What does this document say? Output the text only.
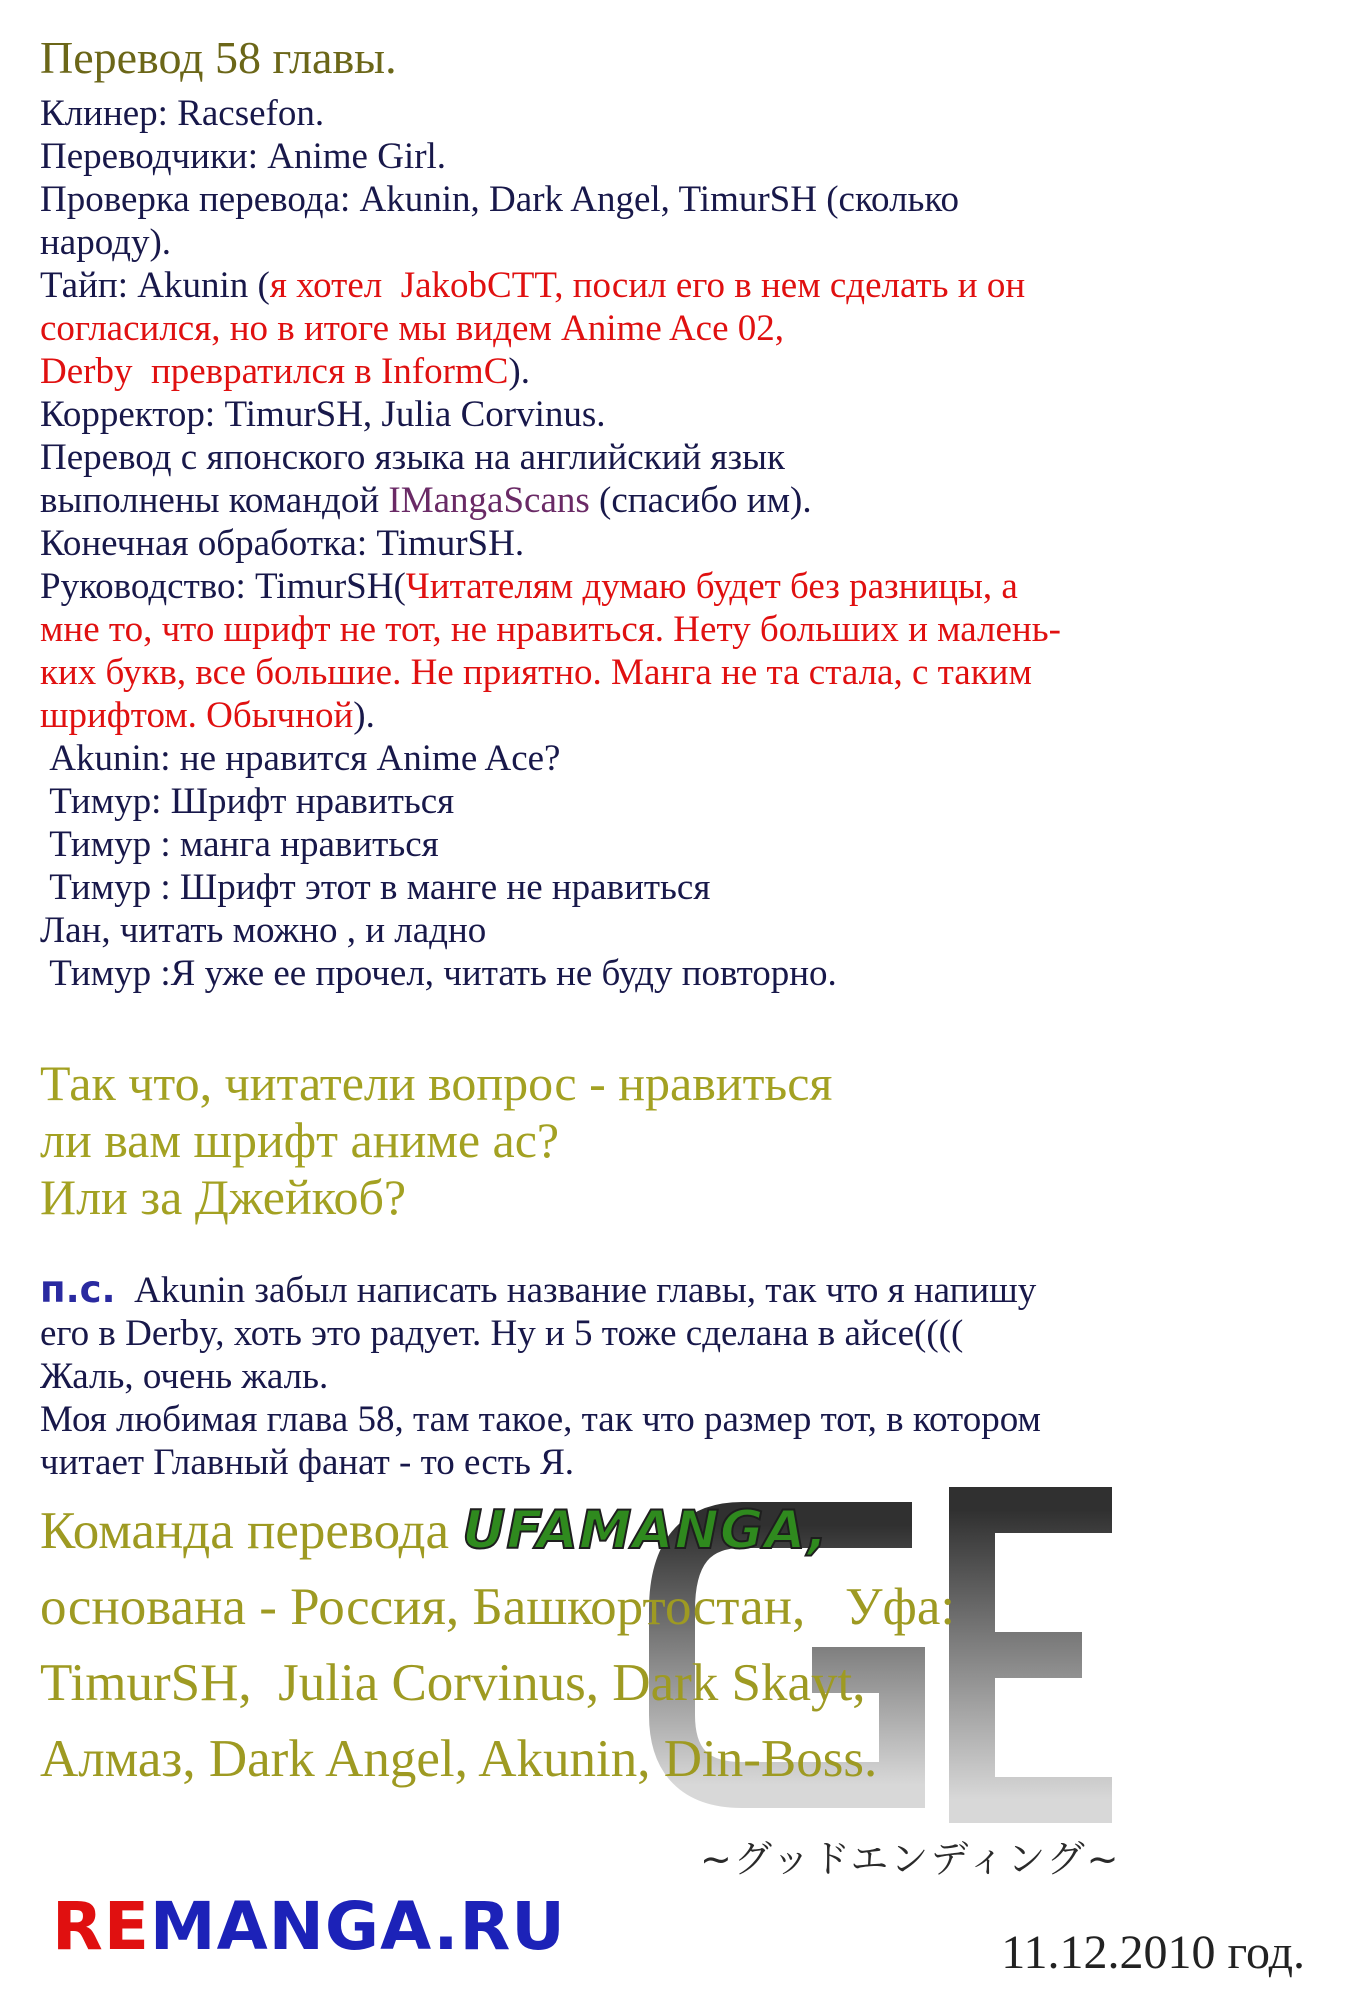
Перевод 58 главы.
Клинер: Racsefon.
Переводчики: Anime Girl.
Проверка перевода: Akunin, Dark Angel, TimurSH (сколько
народу).
Тайп: Akunin (я хотел  JakobCTT, посил его в нем сделать и он
согласился, но в итоге мы видем Anime Ace 02,
Derby  превратился в InformC).
Корректор: TimurSH, Julia Corvinus.
Перевод с японского языка на английский язык
выполнены командой IMangaScans (спасибо им).
Конечная обработка: TimurSH.
Руководство: TimurSH(Читателям думаю будет без разницы, а
мне то, что шрифт не тот, не нравиться. Нету больших и малень-
ких букв, все большие. Не приятно. Манга не та стала, с таким
шрифтом. Обычной).
Akunin: не нравится Anime Ace?
Тимур: Шрифт нравиться
Тимур : манга нравиться
Тимур : Шрифт этот в манге не нравиться
Лан, читать можно , и ладно
Тимур :Я уже ее прочел, читать не буду повторно.
Так что, читатели вопрос - нравиться
ли вам шрифт аниме ас?
Или за Джейкоб?
п.с.  Akunin забыл написать название главы, так что я напишу
его в Derby, хоть это радует. Ну и 5 тоже сделана в айсе((((
Жаль, очень жаль.
Моя любимая глава 58, там такое, так что размер тот, в котором
читает Главный фанат - то есть Я.
~グッドエンディング~
Команда перевода UFAMANGA,
основана - Россия, Башкортостан,   Уфа:
TimurSH,  Julia Corvinus, Dark Skayt,
Алмаз, Dark Angel, Akunin, Din-Boss.
REMANGA.RU	11.12.2010 год.
